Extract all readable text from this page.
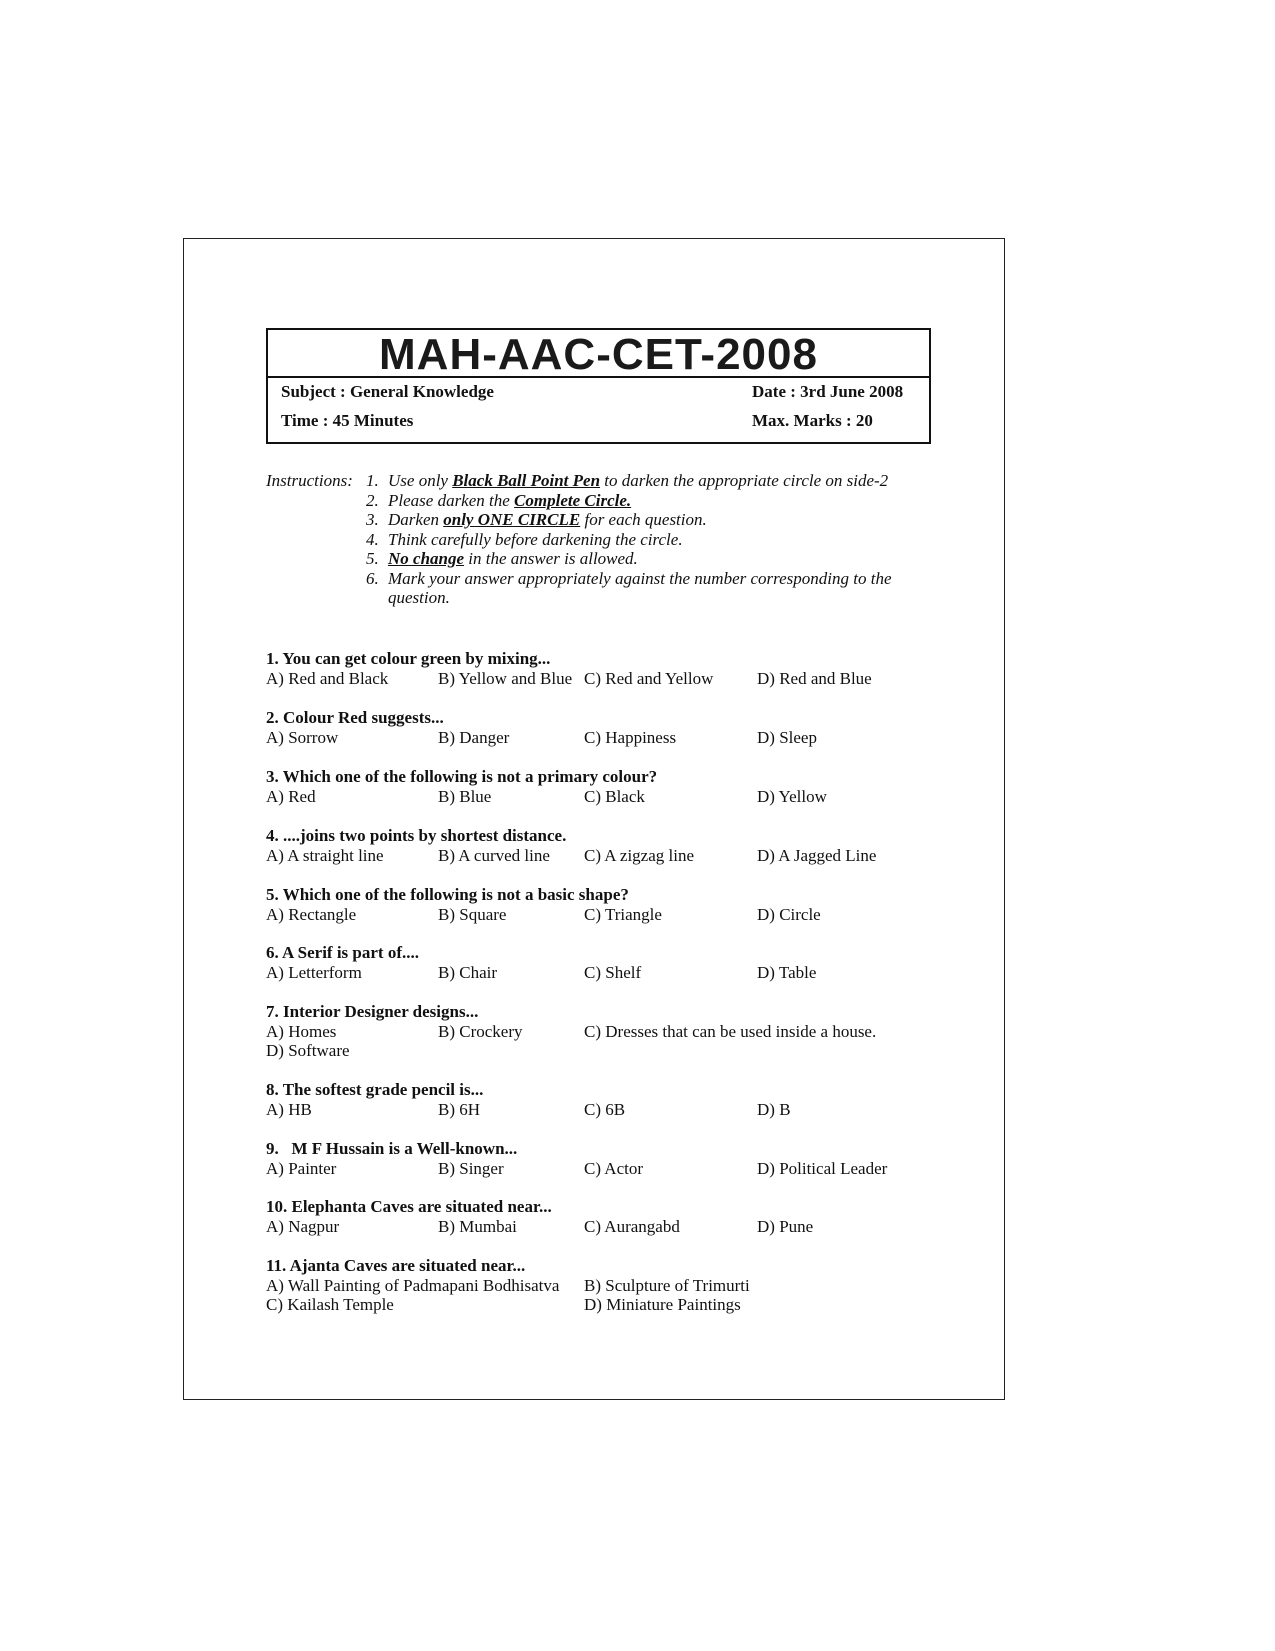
MAH-AAC-CET-2008
Subject : General Knowledge	Date : 3rd June 2008
Time : 45 Minutes	Max. Marks : 20
Instructions: 1. Use only Black Ball Point Pen to darken the appropriate circle on side-2
2. Please darken the Complete Circle.
3. Darken only ONE CIRCLE for each question.
4. Think carefully before darkening the circle.
5. No change in the answer is allowed.
6. Mark your answer appropriately against the number corresponding to the question.
1. You can get colour green by mixing...
A) Red and Black	B) Yellow and Blue C) Red and Yellow	D) Red and Blue
2. Colour Red suggests...
A) Sorrow	B) Danger	C) Happiness	D) Sleep
3. Which one of the following is not a primary colour?
A) Red	B) Blue	C) Black	D) Yellow
4. ....joins two points by shortest distance.
A) A straight line	B) A curved line C) A zigzag line	D) A Jagged Line
5. Which one of the following is not a basic shape?
A) Rectangle	B) Square	C) Triangle	D) Circle
6. A Serif is part of....
A) Letterform	B) Chair	C) Shelf	D) Table
7. Interior Designer designs...
A) Homes	B) Crockery	C) Dresses that can be used inside a house.
D) Software
8. The softest grade pencil is...
A) HB	B) 6H	C) 6B	D) B
9.   M F Hussain is a Well-known...
A) Painter	B) Singer	C) Actor	D) Political Leader
10. Elephanta Caves are situated near...
A) Nagpur	B) Mumbai	C) Aurangabd	D) Pune
11. Ajanta Caves are situated near...
A) Wall Painting of Padmapani Bodhisatva B) Sculpture of Trimurti
C) Kailash Temple	D) Miniature Paintings
